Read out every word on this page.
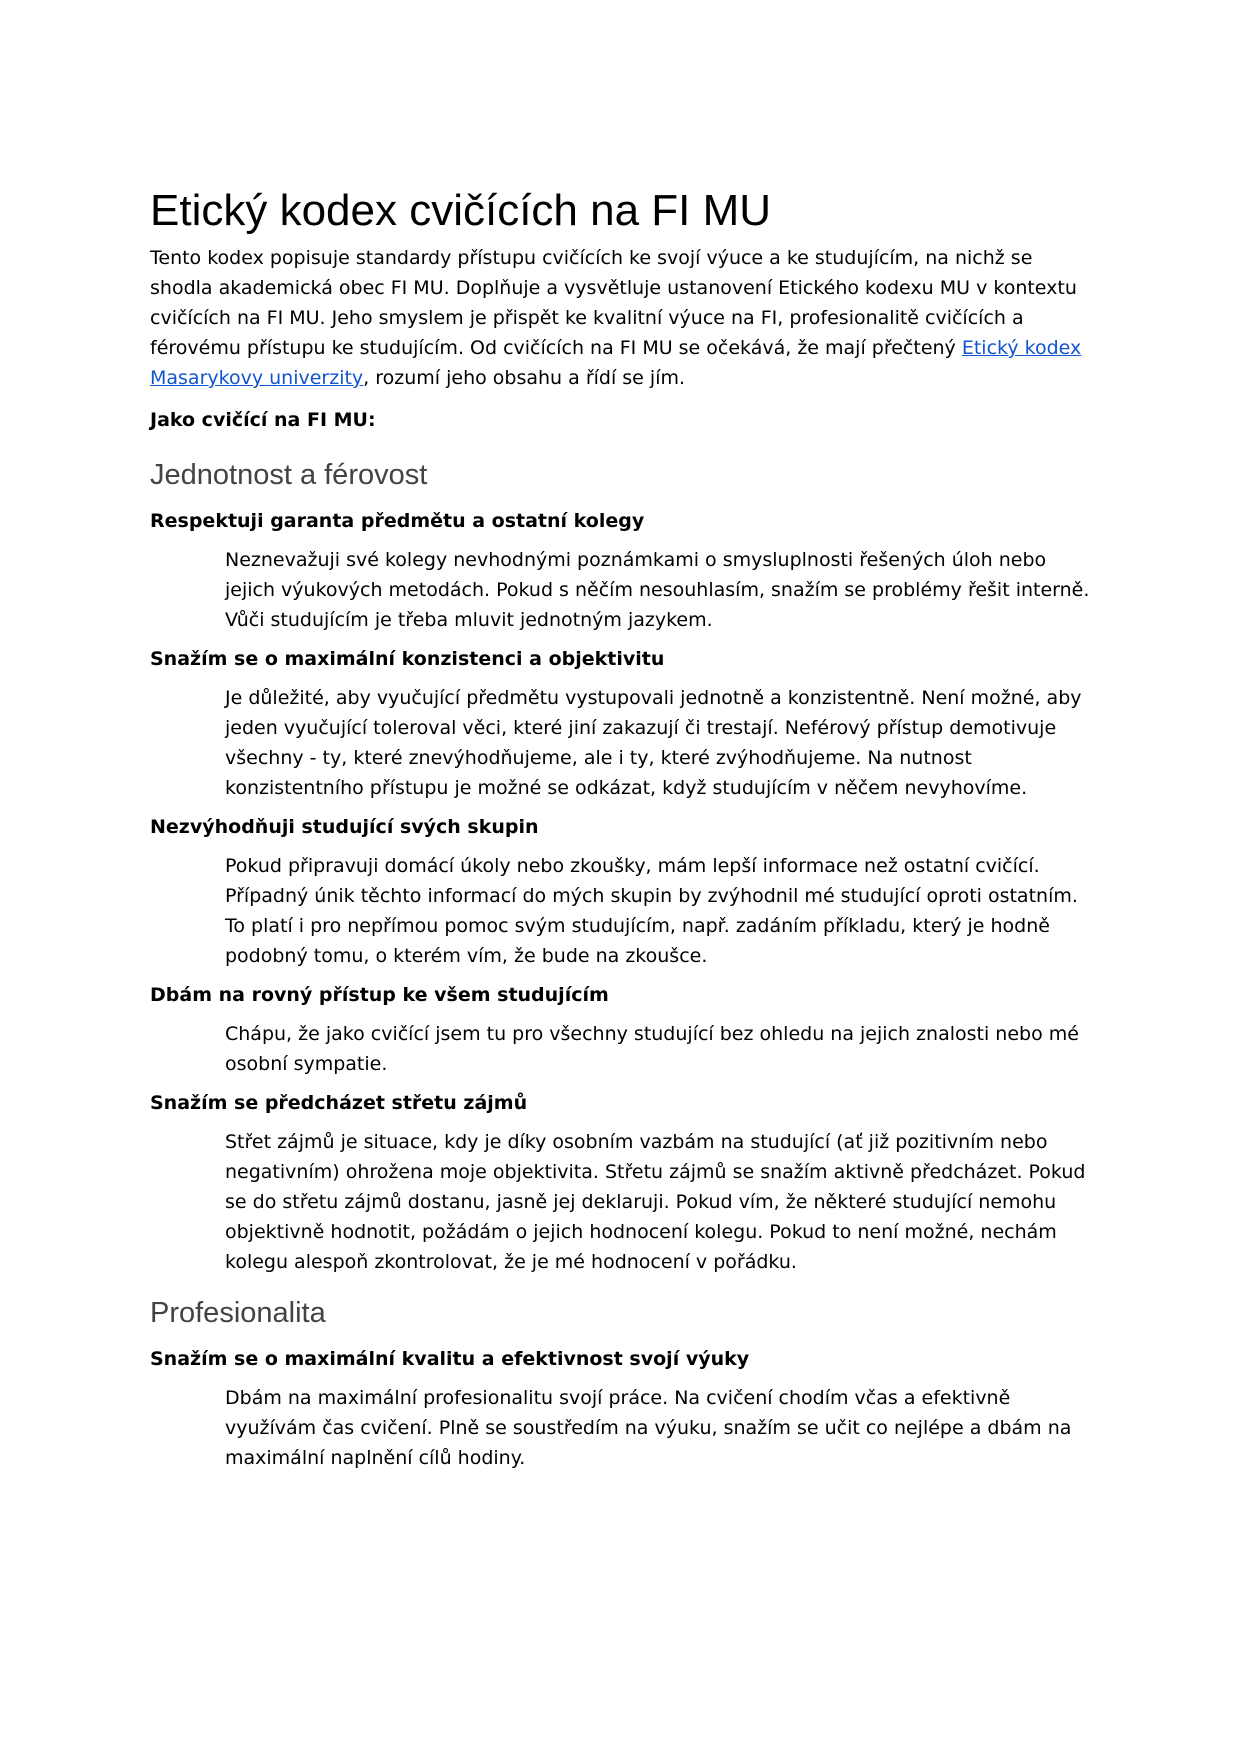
Etický kodex cvičících na FI MU

Tento kodex popisuje standardy přístupu cvičících ke svojí výuce a ke studujícím, na nichž se shodla akademická obec FI MU. Doplňuje a vysvětluje ustanovení Etického kodexu MU v kontextu cvičících na FI MU. Jeho smyslem je přispět ke kvalitní výuce na FI, profesionalitě cvičících a férovému přístupu ke studujícím. Od cvičících na FI MU se očekává, že mají přečtený Etický kodex Masarykovy univerzity, rozumí jeho obsahu a řídí se jím.

Jako cvičící na FI MU:

Jednotnost a férovost
Respektuji garanta předmětu a ostatní kolegy
Neznevažuji své kolegy nevhodnými poznámkami o smysluplnosti řešených úloh nebo jejich výukových metodách. Pokud s něčím nesouhlasím, snažím se problémy řešit interně. Vůči studujícím je třeba mluvit jednotným jazykem.
Snažím se o maximální konzistenci a objektivitu
Je důležité, aby vyučující předmětu vystupovali jednotně a konzistentně. Není možné, aby jeden vyučující toleroval věci, které jiní zakazují či trestají. Neférový přístup demotivuje všechny - ty, které znevýhodňujeme, ale i ty, které zvýhodňujeme. Na nutnost konzistentního přístupu je možné se odkázat, když studujícím v něčem nevyhovíme.
Nezvýhodňuji studující svých skupin
Pokud připravuji domácí úkoly nebo zkoušky, mám lepší informace než ostatní cvičící. Případný únik těchto informací do mých skupin by zvýhodnil mé studující oproti ostatním. To platí i pro nepřímou pomoc svým studujícím, např. zadáním příkladu, který je hodně podobný tomu, o kterém vím, že bude na zkoušce.
Dbám na rovný přístup ke všem studujícím
Chápu, že jako cvičící jsem tu pro všechny studující bez ohledu na jejich znalosti nebo mé osobní sympatie.
Snažím se předcházet střetu zájmů
Střet zájmů je situace, kdy je díky osobním vazbám na studující (ať již pozitivním nebo negativním) ohrožena moje objektivita. Střetu zájmů se snažím aktivně předcházet. Pokud se do střetu zájmů dostanu, jasně jej deklaruji. Pokud vím, že některé studující nemohu objektivně hodnotit, požádám o jejich hodnocení kolegu. Pokud to není možné, nechám kolegu alespoň zkontrolovat, že je mé hodnocení v pořádku.
Profesionalita
Snažím se o maximální kvalitu a efektivnost svojí výuky
Dbám na maximální profesionalitu svojí práce. Na cvičení chodím včas a efektivně využívám čas cvičení. Plně se soustředím na výuku, snažím se učit co nejlépe a dbám na maximální naplnění cílů hodiny.
